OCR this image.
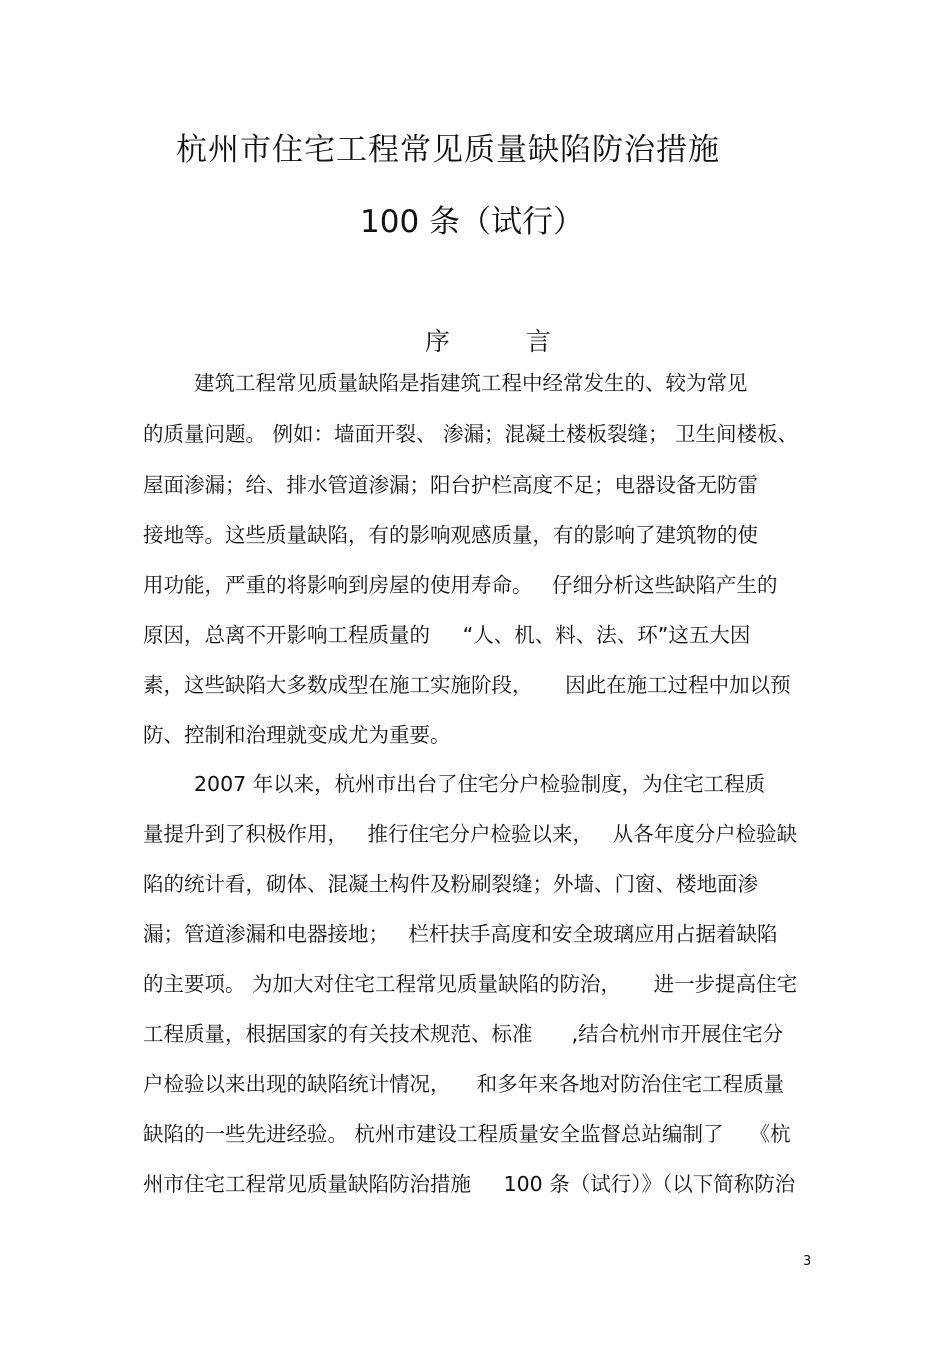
杭州市住宅工程常见质量缺陷防治措施
100 条（试行）
序 言
建筑工程常见质量缺陷是指建筑工程中经常发生的、较为常见
的质量问题。 例如：墙面开裂、 渗漏；混凝土楼板裂缝； 卫生间楼板、
屋面渗漏；给、排水管道渗漏；阳台护栏高度不足；电器设备无防雷
接地等。这些质量缺陷，有的影响观感质量，有的影响了建筑物的使
用功能，严重的将影响到房屋的使用寿命。   仔细分析这些缺陷产生的
原因，总离不开影响工程质量的     “人、机、料、法、环”这五大因
素，这些缺陷大多数成型在施工实施阶段，     因此在施工过程中加以预
防、控制和治理就变成尤为重要。
2007 年以来，杭州市出台了住宅分户检验制度，为住宅工程质
量提升到了积极作用，   推行住宅分户检验以来，   从各年度分户检验缺
陷的统计看，砌体、混凝土构件及粉刷裂缝；外墙、门窗、楼地面渗
漏；管道渗漏和电器接地；   栏杆扶手高度和安全玻璃应用占据着缺陷
的主要项。 为加大对住宅工程常见质量缺陷的防治，     进一步提高住宅
工程质量，根据国家的有关技术规范、标准      ,结合杭州市开展住宅分
户检验以来出现的缺陷统计情况，    和多年来各地对防治住宅工程质量
缺陷的一些先进经验。 杭州市建设工程质量安全监督总站编制了    《杭
州市住宅工程常见质量缺陷防治措施     100 条（试行）》（以下简称防治
3
